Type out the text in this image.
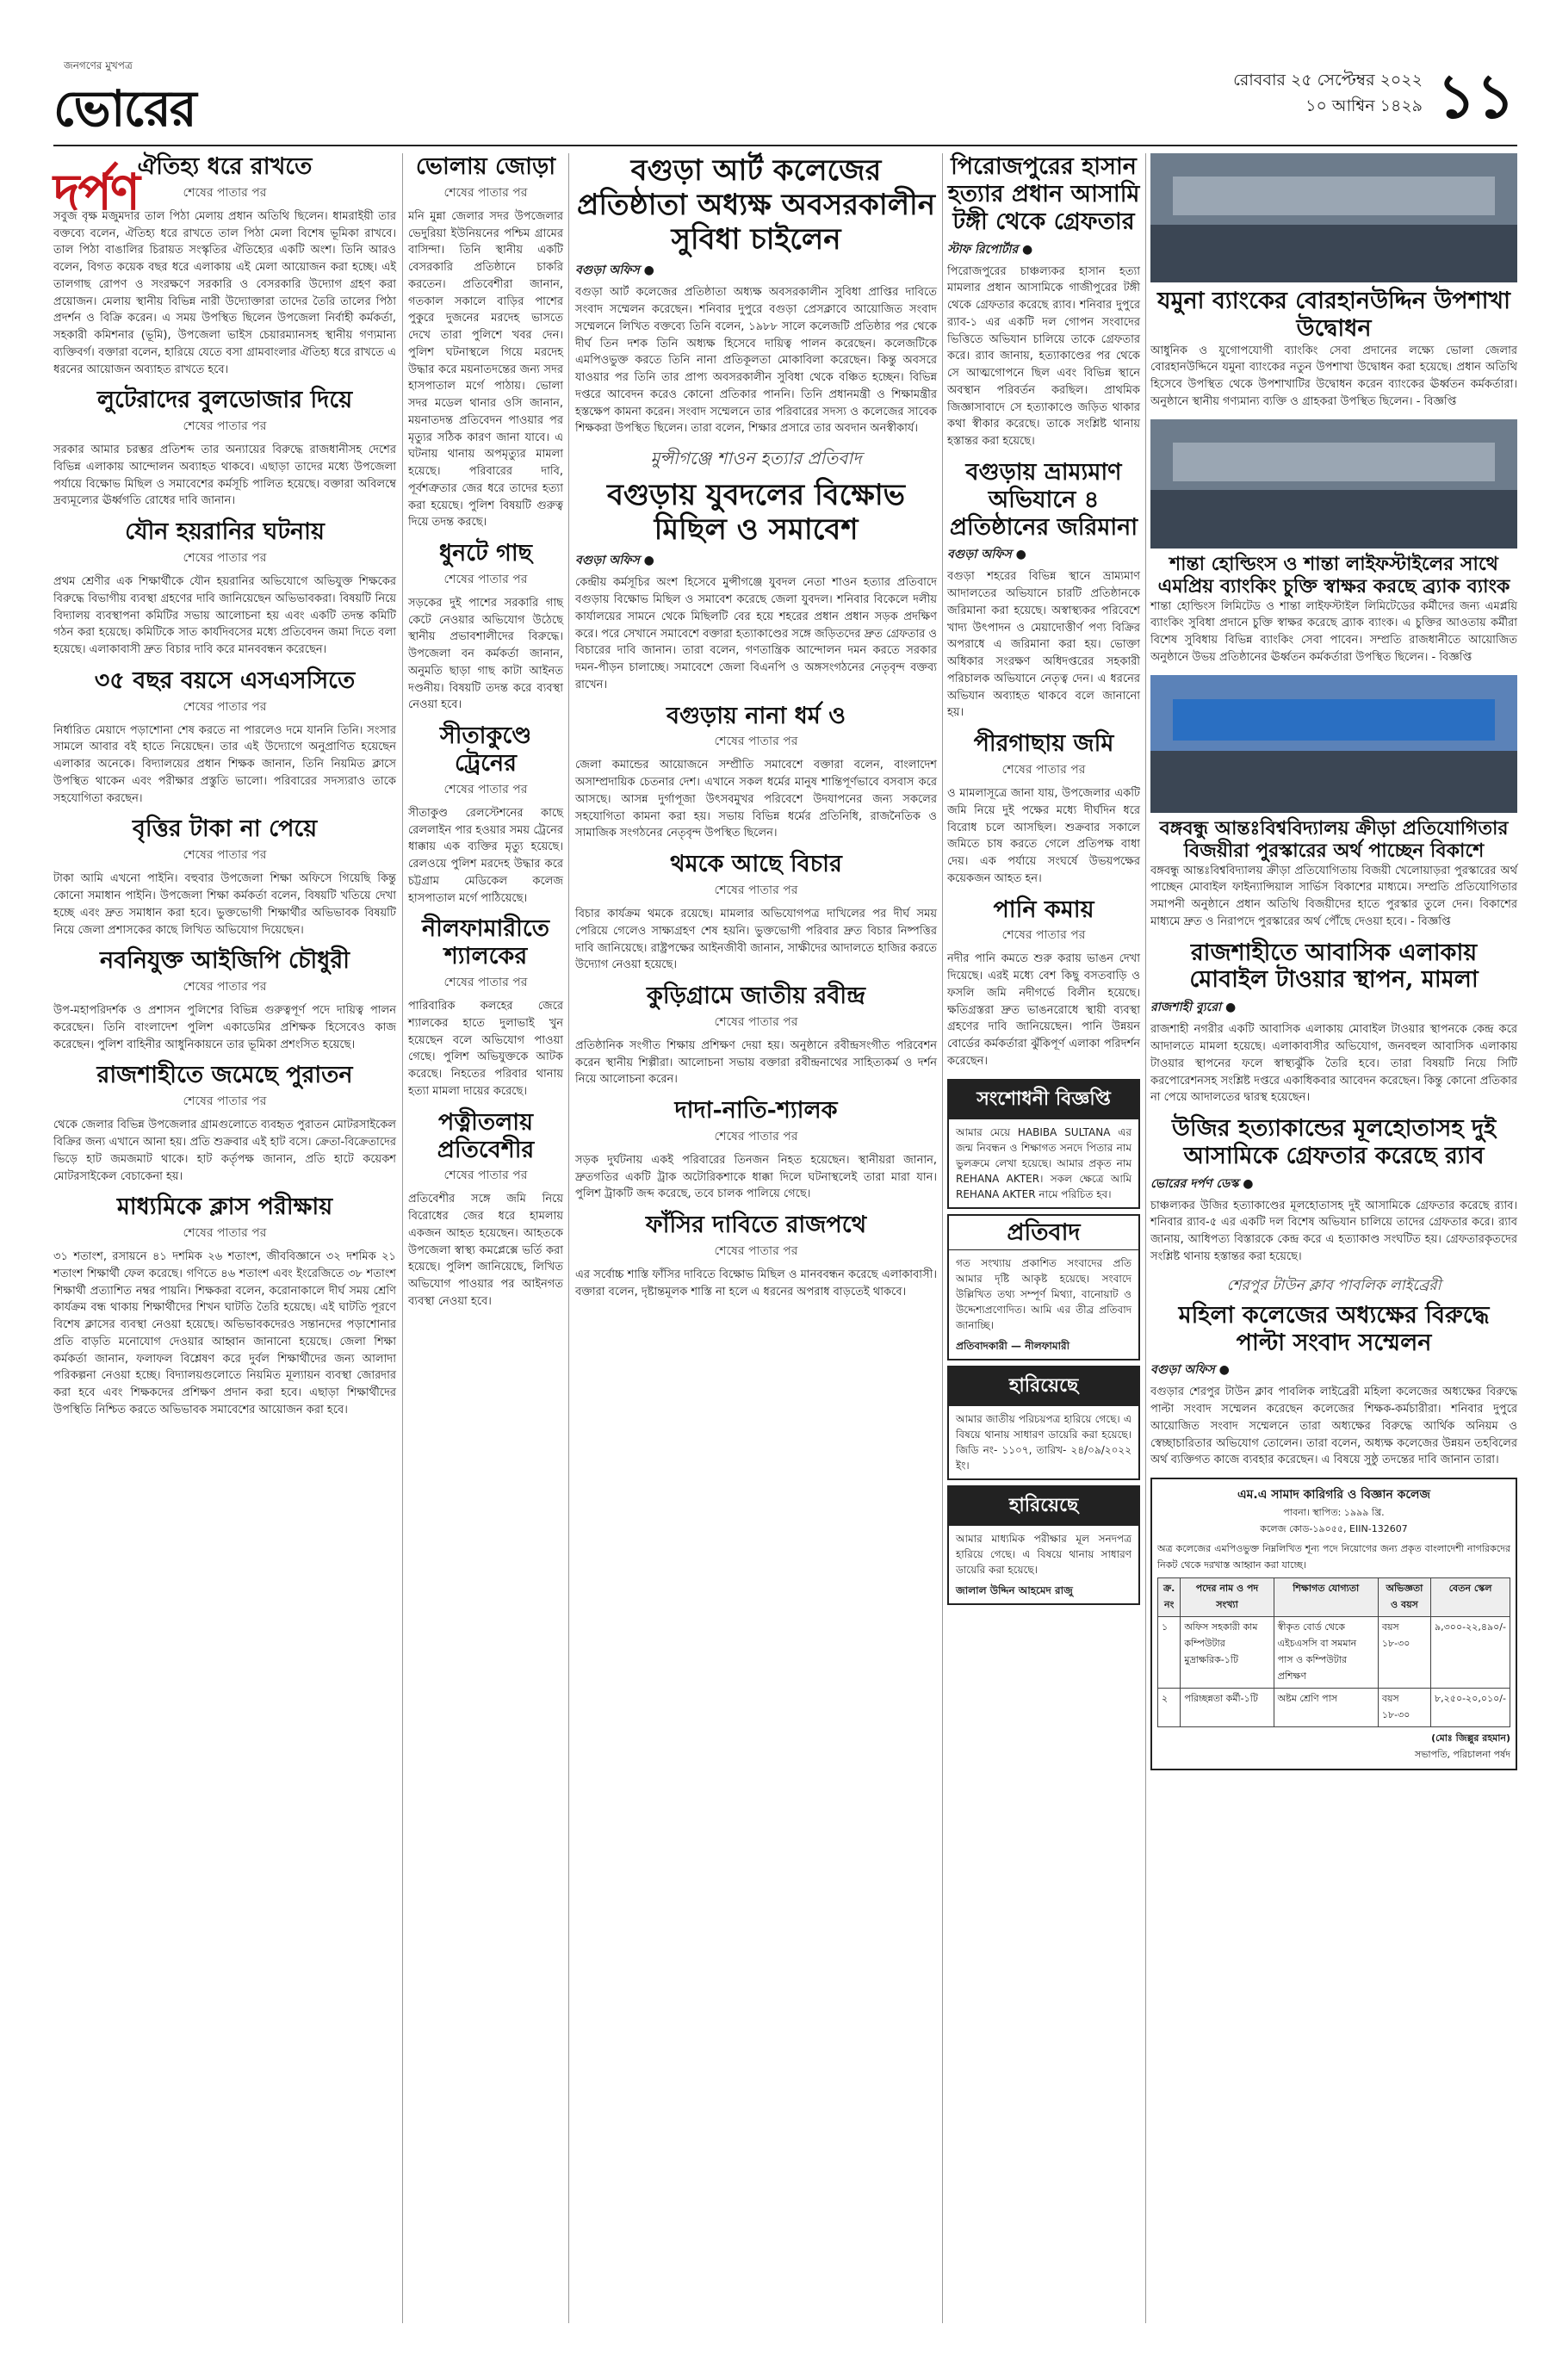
জনগণের মুখপত্র
ভোরের দর্পণ
রোববার ২৫ সেপ্টেম্বর ২০২২
১০ আশ্বিন ১৪২৯ ১১
ঐতিহ্য ধরে রাখতে
শেষের পাতার পর
সবুজ বৃক্ষ মজুমদার তাল পিঠা মেলায় প্রধান অতিথি ছিলেন। ধামরাইয়ী তার বক্তব্যে বলেন, ঐতিহ্য ধরে রাখতে তাল পিঠা মেলা বিশেষ ভূমিকা রাখবে। তাল পিঠা বাঙালির চিরায়ত সংস্কৃতির ঐতিহ্যের একটি অংশ। তিনি আরও বলেন, বিগত কয়েক বছর ধরে এলাকায় এই মেলা আয়োজন করা হচ্ছে। এই তালগাছ রোপণ ও সংরক্ষণে সরকারি ও বেসরকারি উদ্যোগ গ্রহণ করা প্রয়োজন। মেলায় স্থানীয় বিভিন্ন নারী উদ্যোক্তারা তাদের তৈরি তালের পিঠা প্রদর্শন ও বিক্রি করেন। এ সময় উপস্থিত ছিলেন উপজেলা নির্বাহী কর্মকর্তা, সহকারী কমিশনার (ভূমি), উপজেলা ভাইস চেয়ারম্যানসহ স্থানীয় গণ্যমান্য ব্যক্তিবর্গ। বক্তারা বলেন, হারিয়ে যেতে বসা গ্রামবাংলার ঐতিহ্য ধরে রাখতে এ ধরনের আয়োজন অব্যাহত রাখতে হবে।
লুটেরাদের বুলডোজার দিয়ে
শেষের পাতার পর
সরকার আমার চরম্ভর প্রতিশব্দ তার অন্যায়ের বিরুদ্ধে রাজধানীসহ দেশের বিভিন্ন এলাকায় আন্দোলন অব্যাহত থাকবে। এছাড়া তাদের মধ্যে উপজেলা পর্যায়ে বিক্ষোভ মিছিল ও সমাবেশের কর্মসূচি পালিত হয়েছে। বক্তারা অবিলম্বে দ্রব্যমূল্যের ঊর্ধ্বগতি রোধের দাবি জানান।
যৌন হয়রানির ঘটনায়
শেষের পাতার পর
প্রথম শ্রেণীর এক শিক্ষার্থীকে যৌন হয়রানির অভিযোগে অভিযুক্ত শিক্ষকের বিরুদ্ধে বিভাগীয় ব্যবস্থা গ্রহণের দাবি জানিয়েছেন অভিভাবকরা। বিষয়টি নিয়ে বিদ্যালয় ব্যবস্থাপনা কমিটির সভায় আলোচনা হয় এবং একটি তদন্ত কমিটি গঠন করা হয়েছে। কমিটিকে সাত কার্যদিবসের মধ্যে প্রতিবেদন জমা দিতে বলা হয়েছে। এলাকাবাসী দ্রুত বিচার দাবি করে মানববন্ধন করেছেন।
৩৫ বছর বয়সে এসএসসিতে
শেষের পাতার পর
নির্ধারিত মেয়াদে পড়াশোনা শেষ করতে না পারলেও দমে যাননি তিনি। সংসার সামলে আবার বই হাতে নিয়েছেন। তার এই উদ্যোগে অনুপ্রাণিত হয়েছেন এলাকার অনেকে। বিদ্যালয়ের প্রধান শিক্ষক জানান, তিনি নিয়মিত ক্লাসে উপস্থিত থাকেন এবং পরীক্ষার প্রস্তুতি ভালো। পরিবারের সদস্যরাও তাকে সহযোগিতা করছেন।
বৃত্তির টাকা না পেয়ে
শেষের পাতার পর
টাকা আমি এখনো পাইনি। বহুবার উপজেলা শিক্ষা অফিসে গিয়েছি কিন্তু কোনো সমাধান পাইনি। উপজেলা শিক্ষা কর্মকর্তা বলেন, বিষয়টি খতিয়ে দেখা হচ্ছে এবং দ্রুত সমাধান করা হবে। ভুক্তভোগী শিক্ষার্থীর অভিভাবক বিষয়টি নিয়ে জেলা প্রশাসকের কাছে লিখিত অভিযোগ দিয়েছেন।
নবনিযুক্ত আইজিপি চৌধুরী
শেষের পাতার পর
উপ-মহাপরিদর্শক ও প্রশাসন পুলিশের বিভিন্ন গুরুত্বপূর্ণ পদে দায়িত্ব পালন করেছেন। তিনি বাংলাদেশ পুলিশ একাডেমির প্রশিক্ষক হিসেবেও কাজ করেছেন। পুলিশ বাহিনীর আধুনিকায়নে তার ভূমিকা প্রশংসিত হয়েছে।
রাজশাহীতে জমেছে পুরাতন
শেষের পাতার পর
থেকে জেলার বিভিন্ন উপজেলার গ্রামগুলোতে ব্যবহৃত পুরাতন মোটরসাইকেল বিক্রির জন্য এখানে আনা হয়। প্রতি শুক্রবার এই হাট বসে। ক্রেতা-বিক্রেতাদের ভিড়ে হাট জমজমাট থাকে। হাট কর্তৃপক্ষ জানান, প্রতি হাটে কয়েকশ মোটরসাইকেল বেচাকেনা হয়।
মাধ্যমিকে ক্লাস পরীক্ষায়
শেষের পাতার পর
৩১ শতাংশ, রসায়নে ৪১ দশমিক ২৬ শতাংশ, জীববিজ্ঞানে ৩২ দশমিক ২১ শতাংশ শিক্ষার্থী ফেল করেছে। গণিতে ৪৬ শতাংশ এবং ইংরেজিতে ৩৮ শতাংশ শিক্ষার্থী প্রত্যাশিত নম্বর পায়নি। শিক্ষকরা বলেন, করোনাকালে দীর্ঘ সময় শ্রেণি কার্যক্রম বন্ধ থাকায় শিক্ষার্থীদের শিখন ঘাটতি তৈরি হয়েছে। এই ঘাটতি পূরণে বিশেষ ক্লাসের ব্যবস্থা নেওয়া হয়েছে। অভিভাবকদেরও সন্তানদের পড়াশোনার প্রতি বাড়তি মনোযোগ দেওয়ার আহ্বান জানানো হয়েছে। জেলা শিক্ষা কর্মকর্তা জানান, ফলাফল বিশ্লেষণ করে দুর্বল শিক্ষার্থীদের জন্য আলাদা পরিকল্পনা নেওয়া হচ্ছে। বিদ্যালয়গুলোতে নিয়মিত মূল্যায়ন ব্যবস্থা জোরদার করা হবে এবং শিক্ষকদের প্রশিক্ষণ প্রদান করা হবে। এছাড়া শিক্ষার্থীদের উপস্থিতি নিশ্চিত করতে অভিভাবক সমাবেশের আয়োজন করা হবে।
ভোলায় জোড়া
শেষের পাতার পর
মনি মুন্না জেলার সদর উপজেলার ভেদুরিয়া ইউনিয়নের পশ্চিম গ্রামের বাসিন্দা। তিনি স্থানীয় একটি বেসরকারি প্রতিষ্ঠানে চাকরি করতেন। প্রতিবেশীরা জানান, গতকাল সকালে বাড়ির পাশের পুকুরে দুজনের মরদেহ ভাসতে দেখে তারা পুলিশে খবর দেন। পুলিশ ঘটনাস্থলে গিয়ে মরদেহ উদ্ধার করে ময়নাতদন্তের জন্য সদর হাসপাতাল মর্গে পাঠায়। ভোলা সদর মডেল থানার ওসি জানান, ময়নাতদন্ত প্রতিবেদন পাওয়ার পর মৃত্যুর সঠিক কারণ জানা যাবে। এ ঘটনায় থানায় অপমৃত্যুর মামলা হয়েছে। পরিবারের দাবি, পূর্বশত্রুতার জের ধরে তাদের হত্যা করা হয়েছে। পুলিশ বিষয়টি গুরুত্ব দিয়ে তদন্ত করছে।
ধুনটে গাছ
শেষের পাতার পর
সড়কের দুই পাশের সরকারি গাছ কেটে নেওয়ার অভিযোগ উঠেছে স্থানীয় প্রভাবশালীদের বিরুদ্ধে। উপজেলা বন কর্মকর্তা জানান, অনুমতি ছাড়া গাছ কাটা আইনত দণ্ডনীয়। বিষয়টি তদন্ত করে ব্যবস্থা নেওয়া হবে।
সীতাকুণ্ডে ট্রেনের
শেষের পাতার পর
সীতাকুণ্ড রেলস্টেশনের কাছে রেললাইন পার হওয়ার সময় ট্রেনের ধাক্কায় এক ব্যক্তির মৃত্যু হয়েছে। রেলওয়ে পুলিশ মরদেহ উদ্ধার করে চট্টগ্রাম মেডিকেল কলেজ হাসপাতাল মর্গে পাঠিয়েছে।
নীলফামারীতে শ্যালকের
শেষের পাতার পর
পারিবারিক কলহের জেরে শ্যালকের হাতে দুলাভাই খুন হয়েছেন বলে অভিযোগ পাওয়া গেছে। পুলিশ অভিযুক্তকে আটক করেছে। নিহতের পরিবার থানায় হত্যা মামলা দায়ের করেছে।
পত্নীতলায় প্রতিবেশীর
শেষের পাতার পর
প্রতিবেশীর সঙ্গে জমি নিয়ে বিরোধের জের ধরে হামলায় একজন আহত হয়েছেন। আহতকে উপজেলা স্বাস্থ্য কমপ্লেক্সে ভর্তি করা হয়েছে। পুলিশ জানিয়েছে, লিখিত অভিযোগ পাওয়ার পর আইনগত ব্যবস্থা নেওয়া হবে।
বগুড়া আর্ট কলেজের প্রতিষ্ঠাতা অধ্যক্ষ অবসরকালীন সুবিধা চাইলেন
বগুড়া অফিস ●
বগুড়া আর্ট কলেজের প্রতিষ্ঠাতা অধ্যক্ষ অবসরকালীন সুবিধা প্রাপ্তির দাবিতে সংবাদ সম্মেলন করেছেন। শনিবার দুপুরে বগুড়া প্রেসক্লাবে আয়োজিত সংবাদ সম্মেলনে লিখিত বক্তব্যে তিনি বলেন, ১৯৮৮ সালে কলেজটি প্রতিষ্ঠার পর থেকে দীর্ঘ তিন দশক তিনি অধ্যক্ষ হিসেবে দায়িত্ব পালন করেছেন। কলেজটিকে এমপিওভুক্ত করতে তিনি নানা প্রতিকূলতা মোকাবিলা করেছেন। কিন্তু অবসরে যাওয়ার পর তিনি তার প্রাপ্য অবসরকালীন সুবিধা থেকে বঞ্চিত হচ্ছেন। বিভিন্ন দপ্তরে আবেদন করেও কোনো প্রতিকার পাননি। তিনি প্রধানমন্ত্রী ও শিক্ষামন্ত্রীর হস্তক্ষেপ কামনা করেন। সংবাদ সম্মেলনে তার পরিবারের সদস্য ও কলেজের সাবেক শিক্ষকরা উপস্থিত ছিলেন। তারা বলেন, শিক্ষার প্রসারে তার অবদান অনস্বীকার্য।
মুন্সীগঞ্জে শাওন হত্যার প্রতিবাদ
বগুড়ায় যুবদলের বিক্ষোভ মিছিল ও সমাবেশ
বগুড়া অফিস ●
কেন্দ্রীয় কর্মসূচির অংশ হিসেবে মুন্সীগঞ্জে যুবদল নেতা শাওন হত্যার প্রতিবাদে বগুড়ায় বিক্ষোভ মিছিল ও সমাবেশ করেছে জেলা যুবদল। শনিবার বিকেলে দলীয় কার্যালয়ের সামনে থেকে মিছিলটি বের হয়ে শহরের প্রধান প্রধান সড়ক প্রদক্ষিণ করে। পরে সেখানে সমাবেশে বক্তারা হত্যাকাণ্ডের সঙ্গে জড়িতদের দ্রুত গ্রেফতার ও বিচারের দাবি জানান। তারা বলেন, গণতান্ত্রিক আন্দোলন দমন করতে সরকার দমন-পীড়ন চালাচ্ছে। সমাবেশে জেলা বিএনপি ও অঙ্গসংগঠনের নেতৃবৃন্দ বক্তব্য রাখেন।
বগুড়ায় নানা ধর্ম ও
শেষের পাতার পর
জেলা কমান্ডের আয়োজনে সম্প্রীতি সমাবেশে বক্তারা বলেন, বাংলাদেশ অসাম্প্রদায়িক চেতনার দেশ। এখানে সকল ধর্মের মানুষ শান্তিপূর্ণভাবে বসবাস করে আসছে। আসন্ন দুর্গাপূজা উৎসবমুখর পরিবেশে উদযাপনের জন্য সকলের সহযোগিতা কামনা করা হয়। সভায় বিভিন্ন ধর্মের প্রতিনিধি, রাজনৈতিক ও সামাজিক সংগঠনের নেতৃবৃন্দ উপস্থিত ছিলেন।
থমকে আছে বিচার
শেষের পাতার পর
বিচার কার্যক্রম থমকে রয়েছে। মামলার অভিযোগপত্র দাখিলের পর দীর্ঘ সময় পেরিয়ে গেলেও সাক্ষ্যগ্রহণ শেষ হয়নি। ভুক্তভোগী পরিবার দ্রুত বিচার নিষ্পত্তির দাবি জানিয়েছে। রাষ্ট্রপক্ষের আইনজীবী জানান, সাক্ষীদের আদালতে হাজির করতে উদ্যোগ নেওয়া হয়েছে।
কুড়িগ্রামে জাতীয় রবীন্দ্র
শেষের পাতার পর
প্রতিষ্ঠানিক সংগীত শিক্ষায় প্রশিক্ষণ দেয়া হয়। অনুষ্ঠানে রবীন্দ্রসংগীত পরিবেশন করেন স্থানীয় শিল্পীরা। আলোচনা সভায় বক্তারা রবীন্দ্রনাথের সাহিত্যকর্ম ও দর্শন নিয়ে আলোচনা করেন।
দাদা-নাতি-শ্যালক
শেষের পাতার পর
সড়ক দুর্ঘটনায় একই পরিবারের তিনজন নিহত হয়েছেন। স্থানীয়রা জানান, দ্রুতগতির একটি ট্রাক অটোরিকশাকে ধাক্কা দিলে ঘটনাস্থলেই তারা মারা যান। পুলিশ ট্রাকটি জব্দ করেছে, তবে চালক পালিয়ে গেছে।
ফাঁসির দাবিতে রাজপথে
শেষের পাতার পর
এর সর্বোচ্চ শাস্তি ফাঁসির দাবিতে বিক্ষোভ মিছিল ও মানববন্ধন করেছে এলাকাবাসী। বক্তারা বলেন, দৃষ্টান্তমূলক শাস্তি না হলে এ ধরনের অপরাধ বাড়তেই থাকবে।
পিরোজপুরের হাসান হত্যার প্রধান আসামি টঙ্গী থেকে গ্রেফতার
স্টাফ রিপোর্টার ●
পিরোজপুরের চাঞ্চল্যকর হাসান হত্যা মামলার প্রধান আসামিকে গাজীপুরের টঙ্গী থেকে গ্রেফতার করেছে র‍্যাব। শনিবার দুপুরে র‍্যাব-১ এর একটি দল গোপন সংবাদের ভিত্তিতে অভিযান চালিয়ে তাকে গ্রেফতার করে। র‍্যাব জানায়, হত্যাকাণ্ডের পর থেকে সে আত্মগোপনে ছিল এবং বিভিন্ন স্থানে অবস্থান পরিবর্তন করছিল। প্রাথমিক জিজ্ঞাসাবাদে সে হত্যাকাণ্ডে জড়িত থাকার কথা স্বীকার করেছে। তাকে সংশ্লিষ্ট থানায় হস্তান্তর করা হয়েছে।
বগুড়ায় ভ্রাম্যমাণ অভিযানে ৪ প্রতিষ্ঠানের জরিমানা
বগুড়া অফিস ●
বগুড়া শহরের বিভিন্ন স্থানে ভ্রাম্যমাণ আদালতের অভিযানে চারটি প্রতিষ্ঠানকে জরিমানা করা হয়েছে। অস্বাস্থ্যকর পরিবেশে খাদ্য উৎপাদন ও মেয়াদোত্তীর্ণ পণ্য বিক্রির অপরাধে এ জরিমানা করা হয়। ভোক্তা অধিকার সংরক্ষণ অধিদপ্তরের সহকারী পরিচালক অভিযানে নেতৃত্ব দেন। এ ধরনের অভিযান অব্যাহত থাকবে বলে জানানো হয়।
পীরগাছায় জমি
শেষের পাতার পর
ও মামলাসূত্রে জানা যায়, উপজেলার একটি জমি নিয়ে দুই পক্ষের মধ্যে দীর্ঘদিন ধরে বিরোধ চলে আসছিল। শুক্রবার সকালে জমিতে চাষ করতে গেলে প্রতিপক্ষ বাধা দেয়। এক পর্যায়ে সংঘর্ষে উভয়পক্ষের কয়েকজন আহত হন।
পানি কমায়
শেষের পাতার পর
নদীর পানি কমতে শুরু করায় ভাঙন দেখা দিয়েছে। এরই মধ্যে বেশ কিছু বসতবাড়ি ও ফসলি জমি নদীগর্ভে বিলীন হয়েছে। ক্ষতিগ্রস্তরা দ্রুত ভাঙনরোধে স্থায়ী ব্যবস্থা গ্রহণের দাবি জানিয়েছেন। পানি উন্নয়ন বোর্ডের কর্মকর্তারা ঝুঁকিপূর্ণ এলাকা পরিদর্শন করেছেন।
সংশোধনী বিজ্ঞপ্তি
আমার মেয়ে HABIBA SULTANA এর জন্ম নিবন্ধন ও শিক্ষাগত সনদে পিতার নাম ভুলক্রমে লেখা হয়েছে। আমার প্রকৃত নাম REHANA AKTER। সকল ক্ষেত্রে আমি REHANA AKTER নামে পরিচিত হব।
প্রতিবাদ
গত সংখ্যায় প্রকাশিত সংবাদের প্রতি আমার দৃষ্টি আকৃষ্ট হয়েছে। সংবাদে উল্লিখিত তথ্য সম্পূর্ণ মিথ্যা, বানোয়াট ও উদ্দেশ্যপ্রণোদিত। আমি এর তীব্র প্রতিবাদ জানাচ্ছি।
প্রতিবাদকারী — নীলফামারী
হারিয়েছে
আমার জাতীয় পরিচয়পত্র হারিয়ে গেছে। এ বিষয়ে থানায় সাধারণ ডায়েরি করা হয়েছে। জিডি নং- ১১০৭, তারিখ- ২৪/০৯/২০২২ ইং।
হারিয়েছে
আমার মাধ্যমিক পরীক্ষার মূল সনদপত্র হারিয়ে গেছে। এ বিষয়ে থানায় সাধারণ ডায়েরি করা হয়েছে।
জালাল উদ্দিন আহমেদ রাজু
যমুনা ব্যাংকের বোরহানউদ্দিন উপশাখা উদ্বোধন
আধুনিক ও যুগোপযোগী ব্যাংকিং সেবা প্রদানের লক্ষ্যে ভোলা জেলার বোরহানউদ্দিনে যমুনা ব্যাংকের নতুন উপশাখা উদ্বোধন করা হয়েছে। প্রধান অতিথি হিসেবে উপস্থিত থেকে উপশাখাটির উদ্বোধন করেন ব্যাংকের ঊর্ধ্বতন কর্মকর্তারা। অনুষ্ঠানে স্থানীয় গণ্যমান্য ব্যক্তি ও গ্রাহকরা উপস্থিত ছিলেন। ‐ বিজ্ঞপ্তি
শান্তা হোল্ডিংস ও শান্তা লাইফস্টাইলের সাথে এমপ্রিয় ব্যাংকিং চুক্তি স্বাক্ষর করছে ব্র্যাক ব্যাংক
শান্তা হোল্ডিংস লিমিটেড ও শান্তা লাইফস্টাইল লিমিটেডের কর্মীদের জন্য এমপ্লয়ি ব্যাংকিং সুবিধা প্রদানে চুক্তি স্বাক্ষর করেছে ব্র্যাক ব্যাংক। এ চুক্তির আওতায় কর্মীরা বিশেষ সুবিধায় বিভিন্ন ব্যাংকিং সেবা পাবেন। সম্প্রতি রাজধানীতে আয়োজিত অনুষ্ঠানে উভয় প্রতিষ্ঠানের ঊর্ধ্বতন কর্মকর্তারা উপস্থিত ছিলেন। ‐ বিজ্ঞপ্তি
বঙ্গবন্ধু আন্তঃবিশ্ববিদ্যালয় ক্রীড়া প্রতিযোগিতার বিজয়ীরা পুরস্কারের অর্থ পাচ্ছেন বিকাশে
বঙ্গবন্ধু আন্তঃবিশ্ববিদ্যালয় ক্রীড়া প্রতিযোগিতায় বিজয়ী খেলোয়াড়রা পুরস্কারের অর্থ পাচ্ছেন মোবাইল ফাইন্যান্সিয়াল সার্ভিস বিকাশের মাধ্যমে। সম্প্রতি প্রতিযোগিতার সমাপনী অনুষ্ঠানে প্রধান অতিথি বিজয়ীদের হাতে পুরস্কার তুলে দেন। বিকাশের মাধ্যমে দ্রুত ও নিরাপদে পুরস্কারের অর্থ পৌঁছে দেওয়া হবে। ‐ বিজ্ঞপ্তি
রাজশাহীতে আবাসিক এলাকায় মোবাইল টাওয়ার স্থাপন, মামলা
রাজশাহী ব্যুরো ●
রাজশাহী নগরীর একটি আবাসিক এলাকায় মোবাইল টাওয়ার স্থাপনকে কেন্দ্র করে আদালতে মামলা হয়েছে। এলাকাবাসীর অভিযোগ, জনবহুল আবাসিক এলাকায় টাওয়ার স্থাপনের ফলে স্বাস্থ্যঝুঁকি তৈরি হবে। তারা বিষয়টি নিয়ে সিটি করপোরেশনসহ সংশ্লিষ্ট দপ্তরে একাধিকবার আবেদন করেছেন। কিন্তু কোনো প্রতিকার না পেয়ে আদালতের দ্বারস্থ হয়েছেন।
উজির হত্যাকান্ডের মূলহোতাসহ দুই আসামিকে গ্রেফতার করেছে র‍্যাব
ভোরের দর্পণ ডেস্ক ●
চাঞ্চল্যকর উজির হত্যাকাণ্ডের মূলহোতাসহ দুই আসামিকে গ্রেফতার করেছে র‍্যাব। শনিবার র‍্যাব-৫ এর একটি দল বিশেষ অভিযান চালিয়ে তাদের গ্রেফতার করে। র‍্যাব জানায়, আধিপত্য বিস্তারকে কেন্দ্র করে এ হত্যাকাণ্ড সংঘটিত হয়। গ্রেফতারকৃতদের সংশ্লিষ্ট থানায় হস্তান্তর করা হয়েছে।
শেরপুর টাউন ক্লাব পাবলিক লাইব্রেরী
মহিলা কলেজের অধ্যক্ষের বিরুদ্ধে পাল্টা সংবাদ সম্মেলন
বগুড়া অফিস ●
বগুড়ার শেরপুর টাউন ক্লাব পাবলিক লাইব্রেরী মহিলা কলেজের অধ্যক্ষের বিরুদ্ধে পাল্টা সংবাদ সম্মেলন করেছেন কলেজের শিক্ষক-কর্মচারীরা। শনিবার দুপুরে আয়োজিত সংবাদ সম্মেলনে তারা অধ্যক্ষের বিরুদ্ধে আর্থিক অনিয়ম ও স্বেচ্ছাচারিতার অভিযোগ তোলেন। তারা বলেন, অধ্যক্ষ কলেজের উন্নয়ন তহবিলের অর্থ ব্যক্তিগত কাজে ব্যবহার করেছেন। এ বিষয়ে সুষ্ঠু তদন্তের দাবি জানান তারা।
এম.এ সামাদ কারিগরি ও বিজ্ঞান কলেজ
পাবনা। স্থাপিত: ১৯৯৯ খ্রি.
কলেজ কোড-১৯০৫৫, EIIN-132607
অত্র কলেজের এমপিওভুক্ত নিম্নলিখিত শূন্য পদে নিয়োগের জন্য প্রকৃত বাংলাদেশী নাগরিকদের নিকট থেকে দরখাস্ত আহ্বান করা যাচ্ছে।
ক্র. নং	পদের নাম ও পদ সংখ্যা	শিক্ষাগত যোগ্যতা	অভিজ্ঞতা ও বয়স	বেতন স্কেল
১	অফিস সহকারী কাম কম্পিউটার মুদ্রাক্ষরিক-১টি	স্বীকৃত বোর্ড থেকে এইচএসসি বা সমমান পাস ও কম্পিউটার প্রশিক্ষণ	বয়স ১৮-৩০	৯,৩০০-২২,৪৯০/-
২	পরিচ্ছন্নতা কর্মী-১টি	অষ্টম শ্রেণি পাস	বয়স ১৮-৩০	৮,২৫০-২০,০১০/-
(মোঃ জিল্লুর রহমান)
সভাপতি, পরিচালনা পর্ষদ
